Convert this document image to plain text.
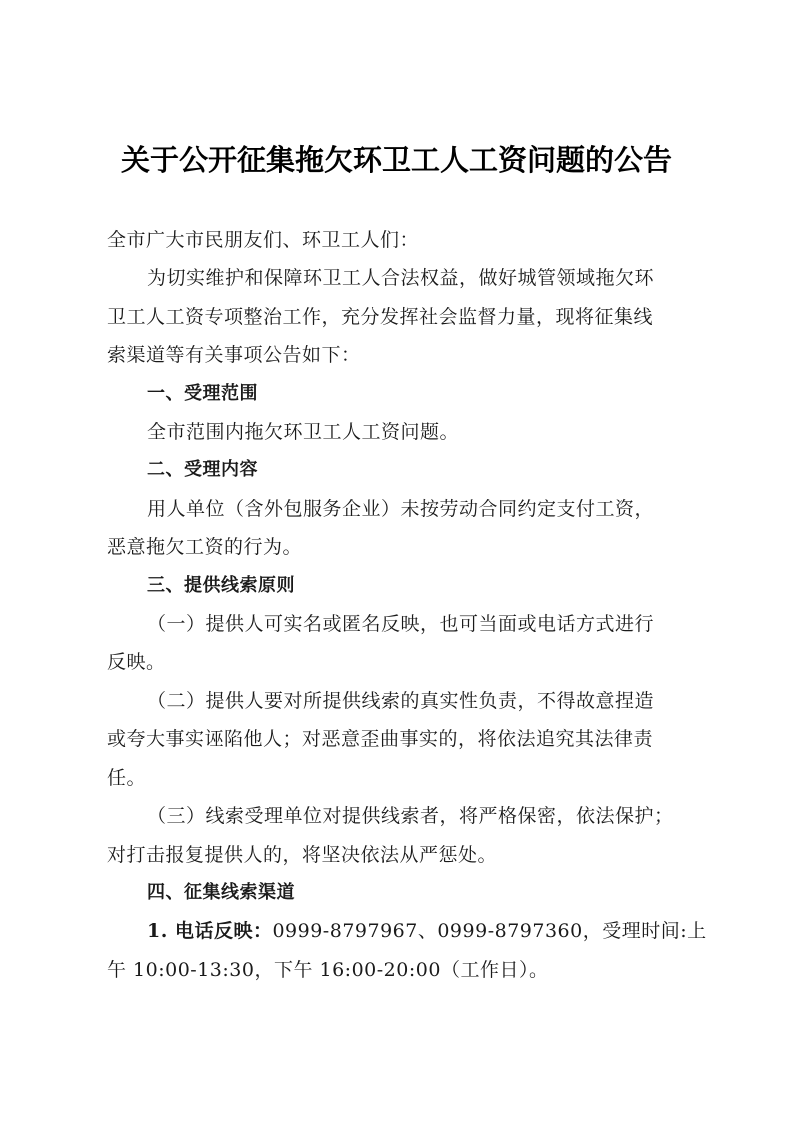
关于公开征集拖欠环卫工人工资问题的公告

全市广大市民朋友们、环卫工人们：

为切实维护和保障环卫工人合法权益，做好城管领域拖欠环

卫工人工资专项整治工作，充分发挥社会监督力量，现将征集线

索渠道等有关事项公告如下：

一、受理范围

全市范围内拖欠环卫工人工资问题。

二、受理内容

用人单位（含外包服务企业）未按劳动合同约定支付工资，

恶意拖欠工资的行为。

三、提供线索原则

（一）提供人可实名或匿名反映，也可当面或电话方式进行

反映。

（二）提供人要对所提供线索的真实性负责，不得故意捏造

或夸大事实诬陷他人；对恶意歪曲事实的，将依法追究其法律责

任。

（三）线索受理单位对提供线索者，将严格保密，依法保护；

对打击报复提供人的，将坚决依法从严惩处。

四、征集线索渠道

1. 电话反映：0999-8797967、0999-8797360，受理时间:上

午 10:00-13:30，下午 16:00-20:00（工作日）。
